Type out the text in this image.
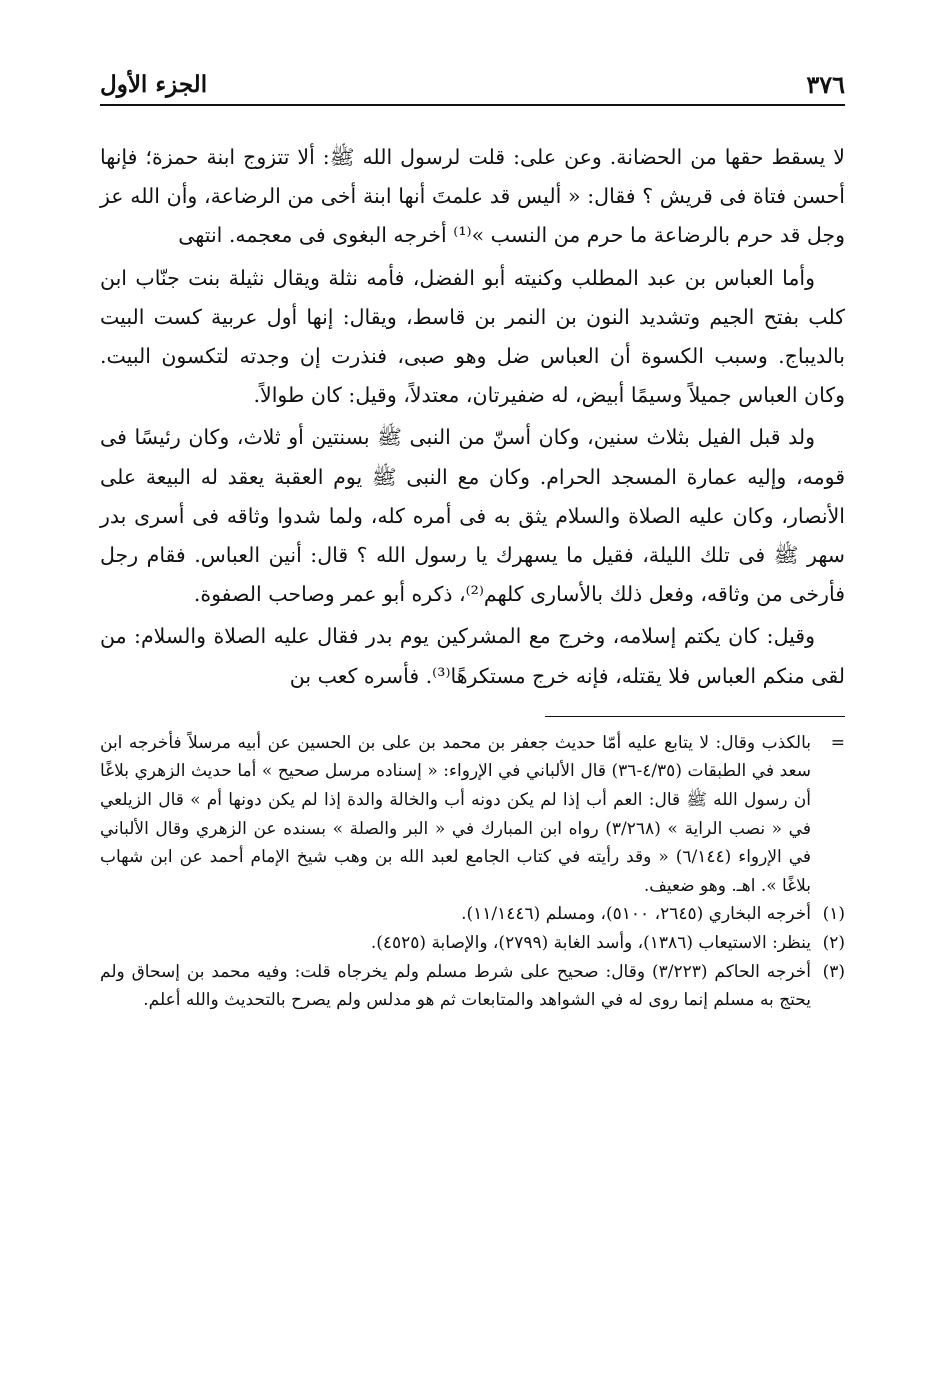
٣٧٦
الجزء الأول

لا يسقط حقها من الحضانة. وعن على: قلت لرسول الله ﷺ: ألا تتزوج ابنة حمزة؛ فإنها أحسن فتاة فى قريش ؟ فقال: « أليس قد علمتَ أنها ابنة أخى من الرضاعة، وأن الله عز وجل قد حرم بالرضاعة ما حرم من النسب »⁽¹⁾ أخرجه البغوى فى معجمه. انتهى

وأما العباس بن عبد المطلب وكنيته أبو الفضل، فأمه نثلة ويقال نثيلة بنت جنّاب ابن كلب بفتح الجيم وتشديد النون بن النمر بن قاسط، ويقال: إنها أول عربية كست البيت بالديباج. وسبب الكسوة أن العباس ضل وهو صبى، فنذرت إن وجدته لتكسون البيت. وكان العباس جميلاً وسيمًا أبيض، له ضفيرتان، معتدلاً، وقيل: كان طوالاً.

ولد قبل الفيل بثلاث سنين، وكان أسنّ من النبى ﷺ بسنتين أو ثلاث، وكان رئيسًا فى قومه، وإليه عمارة المسجد الحرام. وكان مع النبى ﷺ يوم العقبة يعقد له البيعة على الأنصار، وكان عليه الصلاة والسلام يثق به فى أمره كله، ولما شدوا وثاقه فى أسرى بدر سهر ﷺ فى تلك الليلة، فقيل ما يسهرك يا رسول الله ؟ قال: أنين العباس. فقام رجل فأرخى من وثاقه، وفعل ذلك بالأسارى كلهم⁽²⁾، ذكره أبو عمر وصاحب الصفوة.

وقيل: كان يكتم إسلامه، وخرج مع المشركين يوم بدر فقال عليه الصلاة والسلام: من لقى منكم العباس فلا يقتله، فإنه خرج مستكرهًا⁽³⁾. فأسره كعب بن

=
بالكذب وقال: لا يتابع عليه أمّا حديث جعفر بن محمد بن على بن الحسين عن أبيه مرسلاً فأخرجه ابن سعد في الطبقات (٤/٣٥-٣٦) قال الألباني في الإرواء: « إسناده مرسل صحيح » أما حديث الزهري بلاغًا أن رسول الله ﷺ قال: العم أب إذا لم يكن دونه أب والخالة والدة إذا لم يكن دونها أم » قال الزيلعي في « نصب الراية » (٣/٢٦٨) رواه ابن المبارك في « البر والصلة » بسنده عن الزهري وقال الألباني في الإرواء (٦/١٤٤) « وقد رأيته في كتاب الجامع لعبد الله بن وهب شيخ الإمام أحمد عن ابن شهاب بلاغًا ». اهـ. وهو ضعيف.
(١)
أخرجه البخاري (٢٦٤٥، ٥١٠٠)، ومسلم (١١/١٤٤٦).
(٢)
ينظر: الاستيعاب (١٣٨٦)، وأسد الغابة (٢٧٩٩)، والإصابة (٤٥٢٥).
(٣)
أخرجه الحاكم (٣/٢٢٣) وقال: صحيح على شرط مسلم ولم يخرجاه قلت: وفيه محمد بن إسحاق ولم يحتج به مسلم إنما روى له في الشواهد والمتابعات ثم هو مدلس ولم يصرح بالتحديث والله أعلم.
